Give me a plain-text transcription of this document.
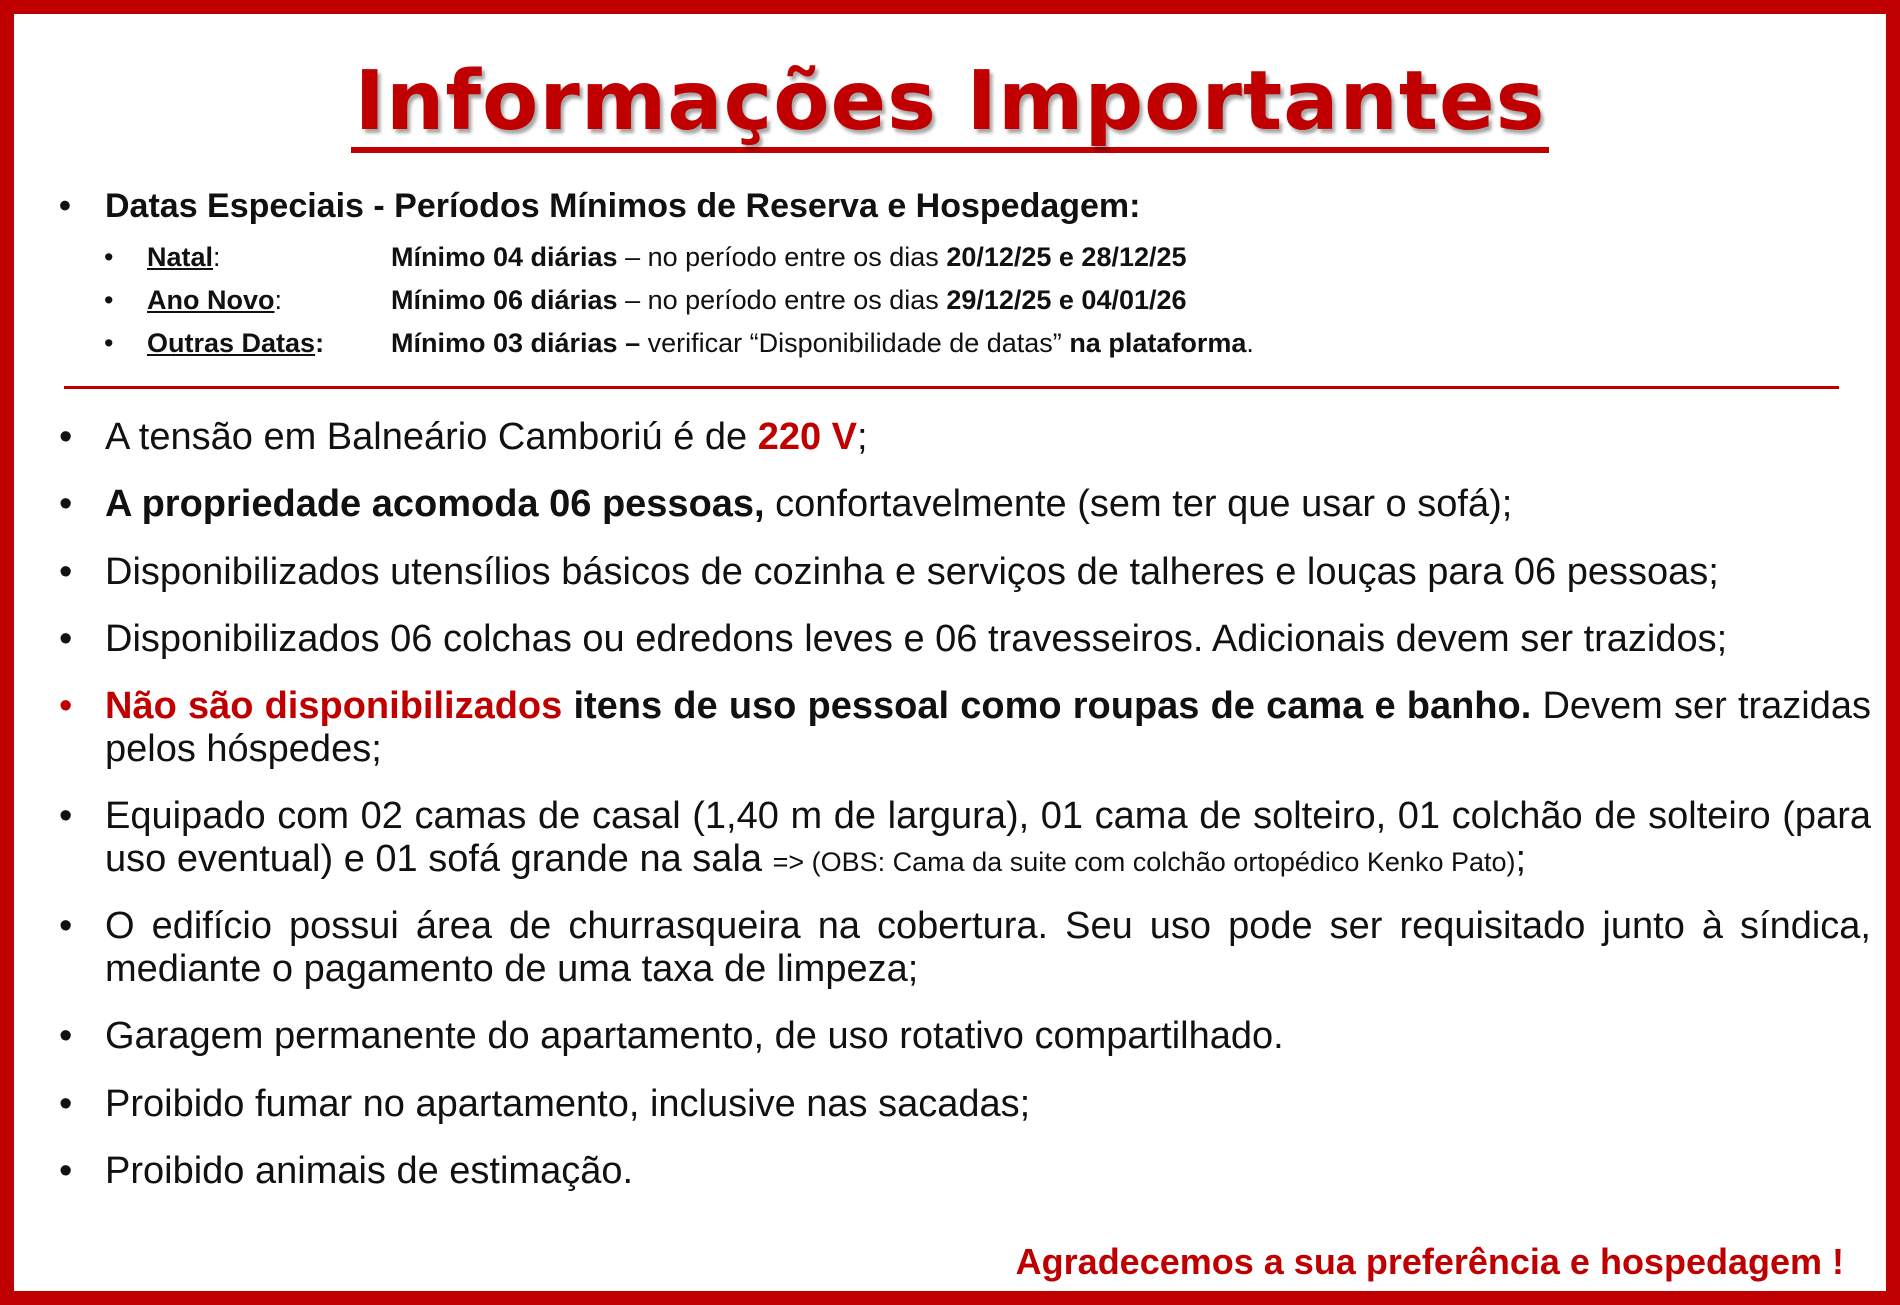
Informações Importantes
• Datas Especiais - Períodos Mínimos de Reserva e Hospedagem:
• Natal:	Mínimo 04 diárias – no período entre os dias 20/12/25 e 28/12/25
• Ano Novo:	Mínimo 06 diárias – no período entre os dias 29/12/25 e 04/01/26
• Outras Datas: Mínimo 03 diárias – verificar “Disponibilidade de datas” na plataforma.
• A tensão em Balneário Camboriú é de 220 V;
• A propriedade acomoda 06 pessoas, confortavelmente (sem ter que usar o sofá);
• Disponibilizados utensílios básicos de cozinha e serviços de talheres e louças para 06 pessoas;
• Disponibilizados 06 colchas ou edredons leves e 06 travesseiros. Adicionais devem ser trazidos;
• Não são disponibilizados itens de uso pessoal como roupas de cama e banho. Devem ser trazidas pelos hóspedes;
• Equipado com 02 camas de casal (1,40 m de largura), 01 cama de solteiro, 01 colchão de solteiro (para uso eventual) e 01 sofá grande na sala => (OBS: Cama da suite com colchão ortopédico Kenko Pato);
• O edifício possui área de churrasqueira na cobertura. Seu uso pode ser requisitado junto à síndica, mediante o pagamento de uma taxa de limpeza;
• Garagem permanente do apartamento, de uso rotativo compartilhado.
• Proibido fumar no apartamento, inclusive nas sacadas;
• Proibido animais de estimação.
Agradecemos a sua preferência e hospedagem !
